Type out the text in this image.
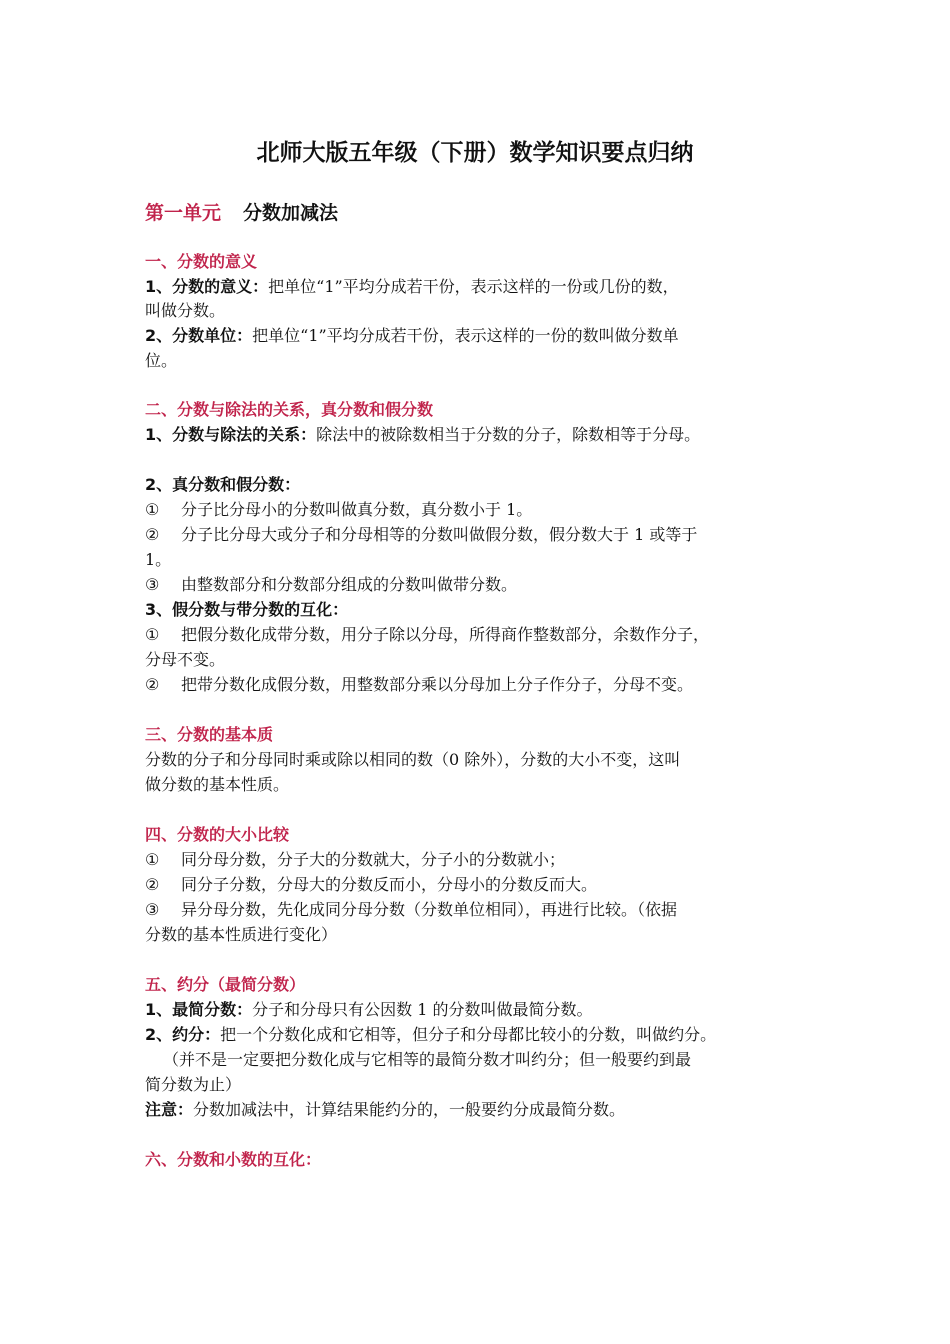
北师大版五年级（下册）数学知识要点归纳
第一单元 分数加减法
一、分数的意义
1、分数的意义：把单位“1”平均分成若干份，表示这样的一份或几份的数，
叫做分数。
2、分数单位：把单位“1”平均分成若干份，表示这样的一份的数叫做分数单
位。
二、分数与除法的关系，真分数和假分数
1、分数与除法的关系：除法中的被除数相当于分数的分子，除数相等于分母。
2、真分数和假分数：
① 分子比分母小的分数叫做真分数，真分数小于 1。
② 分子比分母大或分子和分母相等的分数叫做假分数，假分数大于 1 或等于
1。
③ 由整数部分和分数部分组成的分数叫做带分数。
3、假分数与带分数的互化：
① 把假分数化成带分数，用分子除以分母，所得商作整数部分，余数作分子，
分母不变。
② 把带分数化成假分数，用整数部分乘以分母加上分子作分子，分母不变。
三、分数的基本质
分数的分子和分母同时乘或除以相同的数（0 除外），分数的大小不变，这叫
做分数的基本性质。
四、分数的大小比较
① 同分母分数，分子大的分数就大，分子小的分数就小；
② 同分子分数，分母大的分数反而小，分母小的分数反而大。
③ 异分母分数，先化成同分母分数（分数单位相同），再进行比较。（依据
分数的基本性质进行变化）
五、约分（最简分数）
1、最简分数：分子和分母只有公因数 1 的分数叫做最简分数。
2、约分：把一个分数化成和它相等，但分子和分母都比较小的分数，叫做约分。
（并不是一定要把分数化成与它相等的最简分数才叫约分；但一般要约到最
简分数为止）
注意：分数加减法中，计算结果能约分的，一般要约分成最简分数。
六、分数和小数的互化：
